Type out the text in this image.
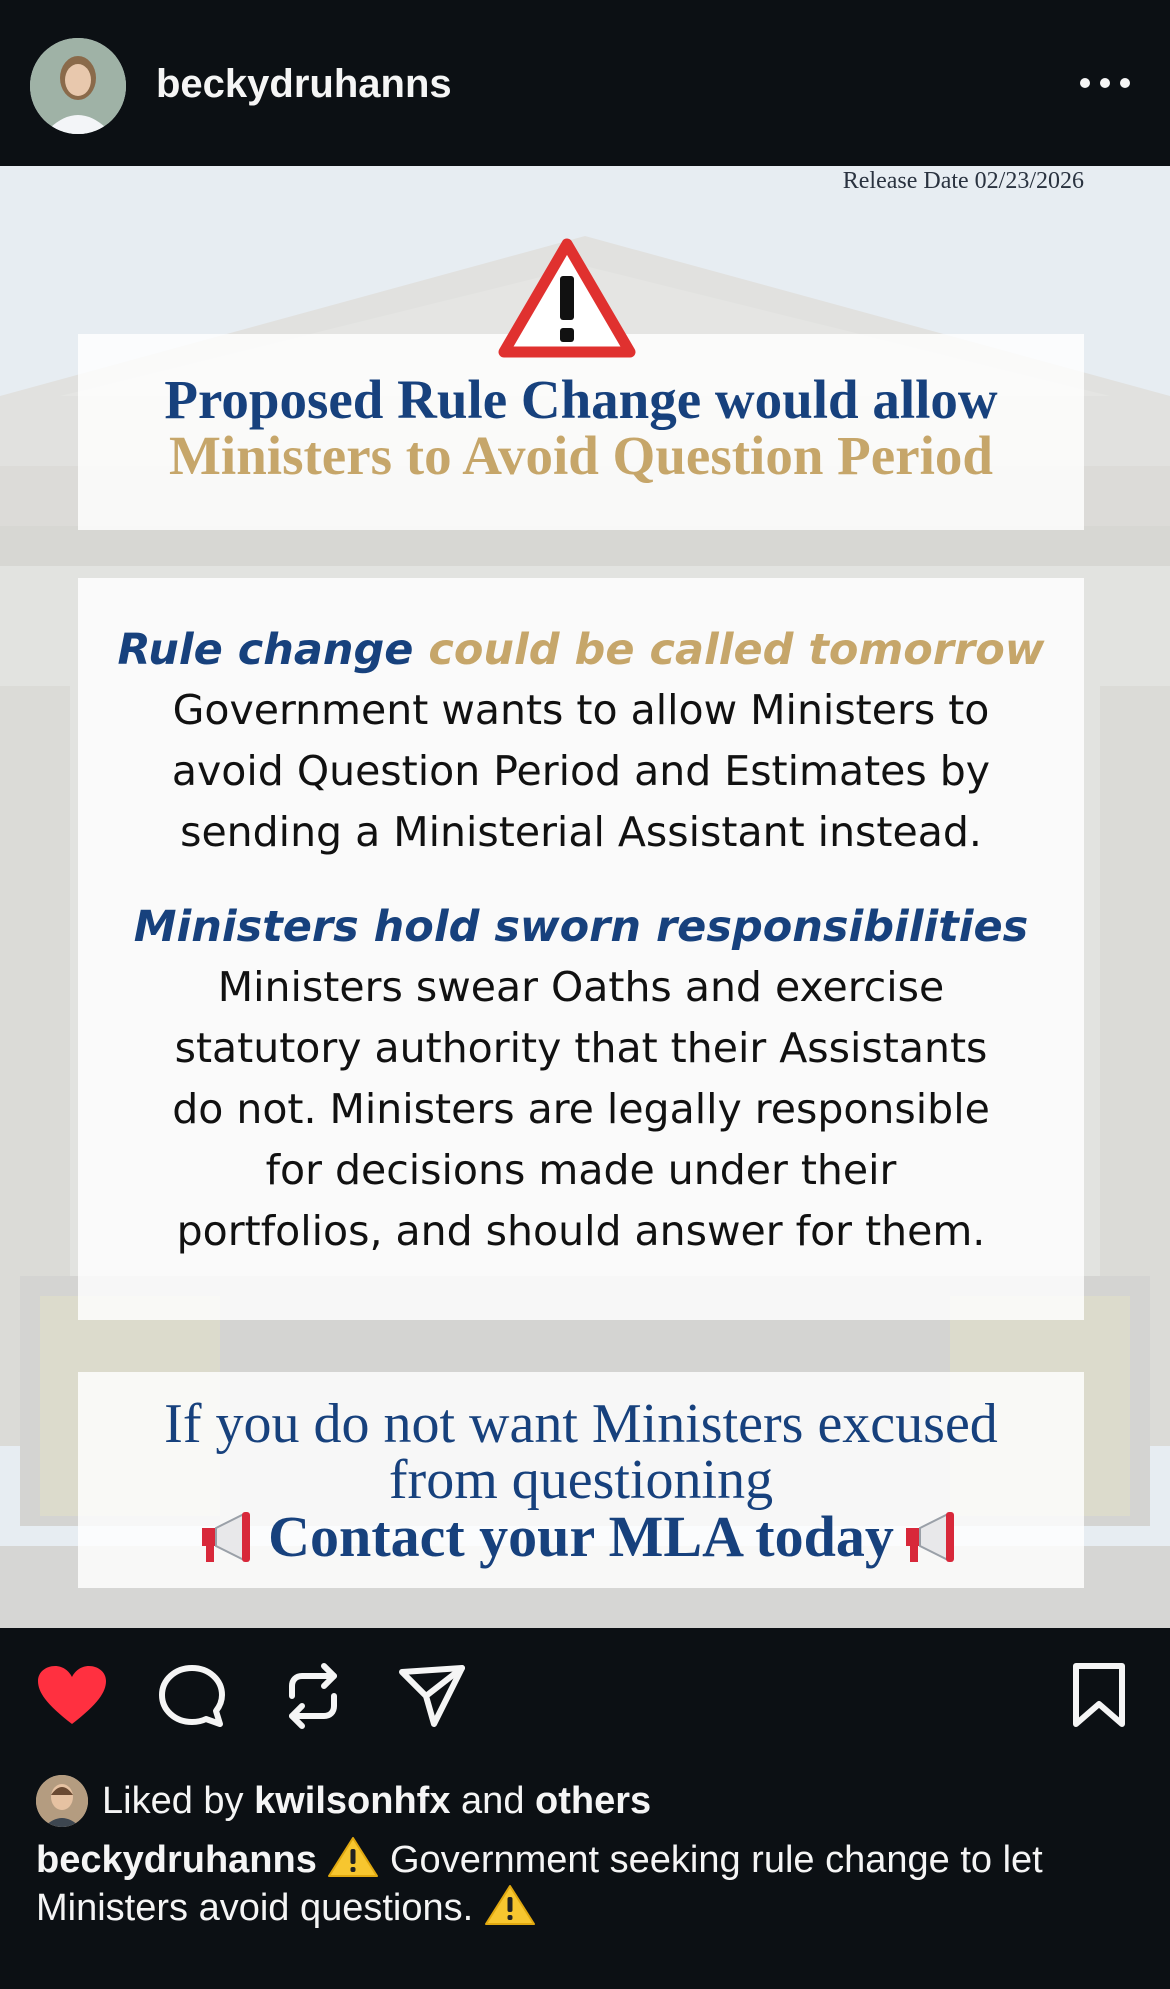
beckydruhanns
Release Date 02/23/2026
Proposed Rule Change would allow
Ministers to Avoid Question Period
Rule change could be called tomorrow
Government wants to allow Ministers to
avoid Question Period and Estimates by
sending a Ministerial Assistant instead.
Ministers hold sworn responsibilities
Ministers swear Oaths and exercise
statutory authority that their Assistants
do not. Ministers are legally responsible
for decisions made under their
portfolios, and should answer for them.
If you do not want Ministers excused
from questioning
Contact your MLA today
Liked by
kwilsonhfx
and
others
beckydruhanns Government seeking rule change to let Ministers avoid questions.
